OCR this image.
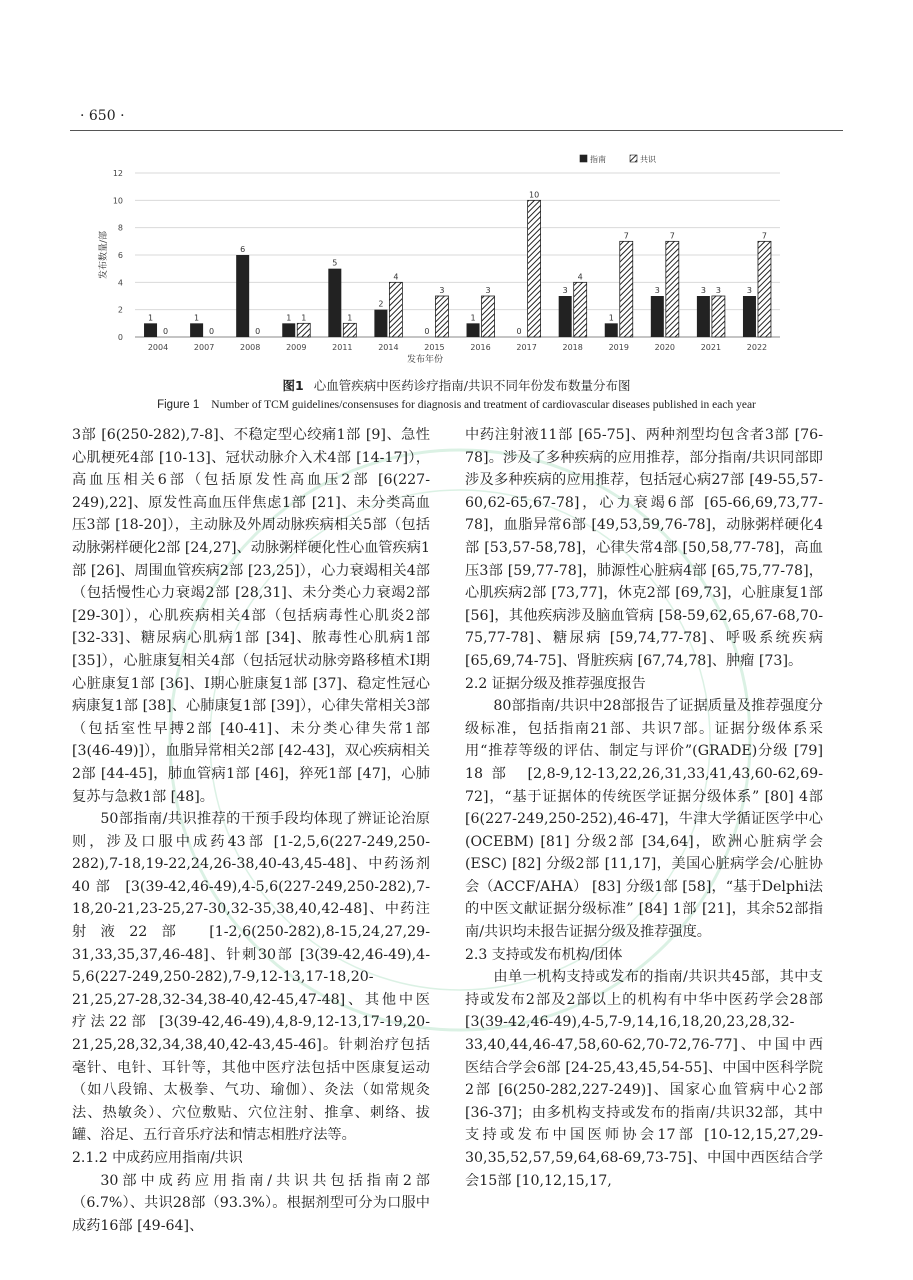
· 650 ·
0
2
4
6
8
10
12
1
0
1
0
6
0
1 1
5
1
2
4
0
3
1
3
0
10
3
4
1
7
3
7
3 3	3
7
2004	2007	2008	2009	2011	2014	2015	2016	2017	2018	2019	2020	2021	2022
发布数量/部
发布年份
指南	共识
图1 心血管疾病中医药诊疗指南/共识不同年份发布数量分布图
Figure 1 Number of TCM guidelines/consensuses for diagnosis and treatment of cardiovascular diseases published in each year

3部 [6(250-282),7-8]、不稳定型心绞痛1部 [9]、急性心肌梗死4部 [10-13]、冠状动脉介入术4部 [14-17]），高血压相关6部（包括原发性高血压2部 [6(227-249),22]、原发性高血压伴焦虑1部 [21]、未分类高血压3部 [18-20]），主动脉及外周动脉疾病相关5部（包括动脉粥样硬化2部 [24,27]、动脉粥样硬化性心血管疾病1部 [26]、周围血管疾病2部 [23,25]），心力衰竭相关4部（包括慢性心力衰竭2部 [28,31]、未分类心力衰竭2部 [29-30]），心肌疾病相关4部（包括病毒性心肌炎2部 [32-33]、糖尿病心肌病1部 [34]、脓毒性心肌病1部 [35]），心脏康复相关4部（包括冠状动脉旁路移植术I期心脏康复1部 [36]、I期心脏康复1部 [37]、稳定性冠心病康复1部 [38]、心肺康复1部 [39]），心律失常相关3部（包括室性早搏2部 [40-41]、未分类心律失常1部 [3(46-49)]），血脂异常相关2部 [42-43]，双心疾病相关2部 [44-45]，肺血管病1部 [46]，猝死1部 [47]，心肺复苏与急救1部 [48]。

50部指南/共识推荐的干预手段均体现了辨证论治原则，涉及口服中成药43部 [1-2,5,6(227-249,250-282),7-18,19-22,24,26-38,40-43,45-48]、中药汤剂40部 [3(39-42,46-49),4-5,6(227-249,250-282),7-18,20-21,23-25,27-30,32-35,38,40,42-48]、中药注射液22部 [1-2,6(250-282),8-15,24,27,29-31,33,35,37,46-48]、针刺30部 [3(39-42,46-49),4-5,6(227-249,250-282),7-9,12-13,17-18,20-21,25,27-28,32-34,38-40,42-45,47-48]、其他中医疗法22部 [3(39-42,46-49),4,8-9,12-13,17-19,20-21,25,28,32,34,38,40,42-43,45-46]。针刺治疗包括毫针、电针、耳针等，其他中医疗法包括中医康复运动（如八段锦、太极拳、气功、瑜伽）、灸法（如常规灸法、热敏灸）、穴位敷贴、穴位注射、推拿、刺络、拔罐、浴足、五行音乐疗法和情志相胜疗法等。

2.1.2 中成药应用指南/共识

30部中成药应用指南/共识共包括指南2部（6.7%）、共识28部（93.3%）。根据剂型可分为口服中成药16部 [49-64]、

中药注射液11部 [65-75]、两种剂型均包含者3部 [76-78]。涉及了多种疾病的应用推荐，部分指南/共识同部即涉及多种疾病的应用推荐，包括冠心病27部 [49-55,57-60,62-65,67-78]，心力衰竭6部 [65-66,69,73,77-78]，血脂异常6部 [49,53,59,76-78]，动脉粥样硬化4部 [53,57-58,78]，心律失常4部 [50,58,77-78]，高血压3部 [59,77-78]，肺源性心脏病4部 [65,75,77-78]，心肌疾病2部 [73,77]，休克2部 [69,73]，心脏康复1部 [56]，其他疾病涉及脑血管病 [58-59,62,65,67-68,70-75,77-78]、糖尿病 [59,74,77-78]、呼吸系统疾病 [65,69,74-75]、肾脏疾病 [67,74,78]、肿瘤 [73]。

2.2 证据分级及推荐强度报告

80部指南/共识中28部报告了证据质量及推荐强度分级标准，包括指南21部、共识7部。证据分级体系采用“推荐等级的评估、制定与评价”(GRADE)分级 [79] 18部 [2,8-9,12-13,22,26,31,33,41,43,60-62,69-72]，“基于证据体的传统医学证据分级体系” [80] 4部 [6(227-249,250-252),46-47]，牛津大学循证医学中心(OCEBM) [81] 分级2部 [34,64]，欧洲心脏病学会(ESC) [82] 分级2部 [11,17]，美国心脏病学会/心脏协会（ACCF/AHA） [83] 分级1部 [58]，“基于Delphi法的中医文献证据分级标准” [84] 1部 [21]，其余52部指南/共识均未报告证据分级及推荐强度。

2.3 支持或发布机构/团体

由单一机构支持或发布的指南/共识共45部，其中支持或发布2部及2部以上的机构有中华中医药学会28部 [3(39-42,46-49),4-5,7-9,14,16,18,20,23,28,32-33,40,44,46-47,58,60-62,70-72,76-77]、中国中西医结合学会6部 [24-25,43,45,54-55]、中国中医科学院2部 [6(250-282,227-249)]、国家心血管病中心2部 [36-37]；由多机构支持或发布的指南/共识32部，其中支持或发布中国医师协会17部 [10-12,15,27,29-30,35,52,57,59,64,68-69,73-75]、中国中西医结合学会15部 [10,12,15,17,
